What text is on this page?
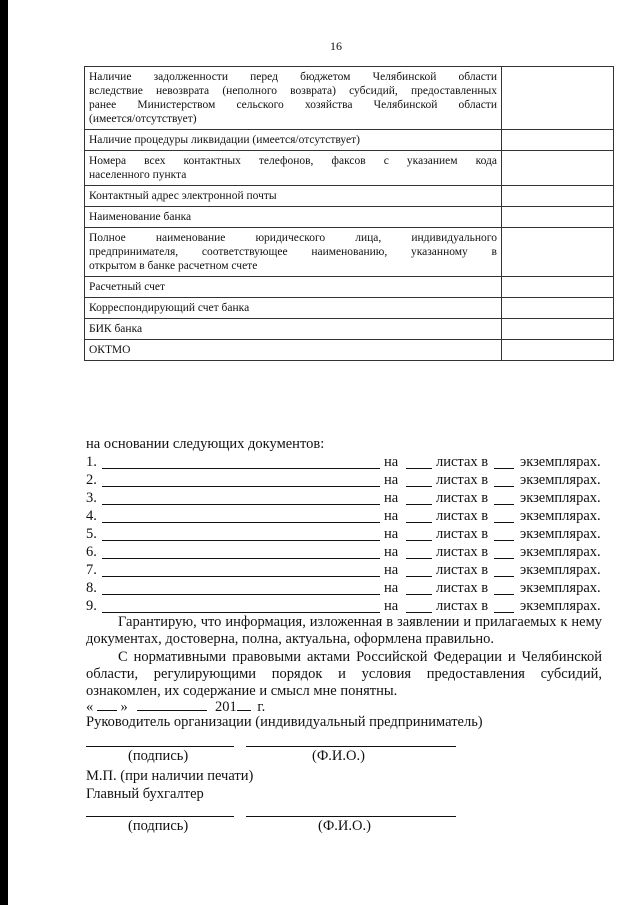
16
Наличие задолженности перед бюджетом Челябинской области
вследствие невозврата (неполного возврата) субсидий, предоставленных
ранее Министерством сельского хозяйства Челябинской области
(имеется/отсутствует)	

Наличие процедуры ликвидации (имеется/отсутствует)	

Номера всех контактных телефонов, факсов с указанием кода
населенного пункта	

Контактный адрес электронной почты	

Наименование банка	

Полное наименование юридического лица, индивидуального
предпринимателя, соответствующее наименованию, указанному в
открытом в банке расчетном счете	

Расчетный счет	

Корреспондирующий счет банка	

БИК банка	

ОКТМО	

на основании следующих документов:
1.	на	листах в экземплярах.
2.	на	листах в экземплярах.
3.	на	листах в экземплярах.
4.	на	листах в экземплярах.
5.	на	листах в экземплярах.
6.	на	листах в экземплярах.
7.	на	листах в экземплярах.
8.	на	листах в экземплярах.
9.	на	листах в экземплярах.
Гарантирую, что информация, изложенная в заявлении и прилагаемых к нему документах, достоверна, полна, актуальна, оформлена правильно.
С нормативными правовыми актами Российской Федерации и Челябинской области, регулирующими порядок и условия предоставления субсидий, ознакомлен, их содержание и смысл мне понятны.
« »	201 г.
Руководитель организации (индивидуальный предприниматель)
(подпись)	(Ф.И.О.)
М.П. (при наличии печати)
Главный бухгалтер
(подпись)	(Ф.И.О.)
